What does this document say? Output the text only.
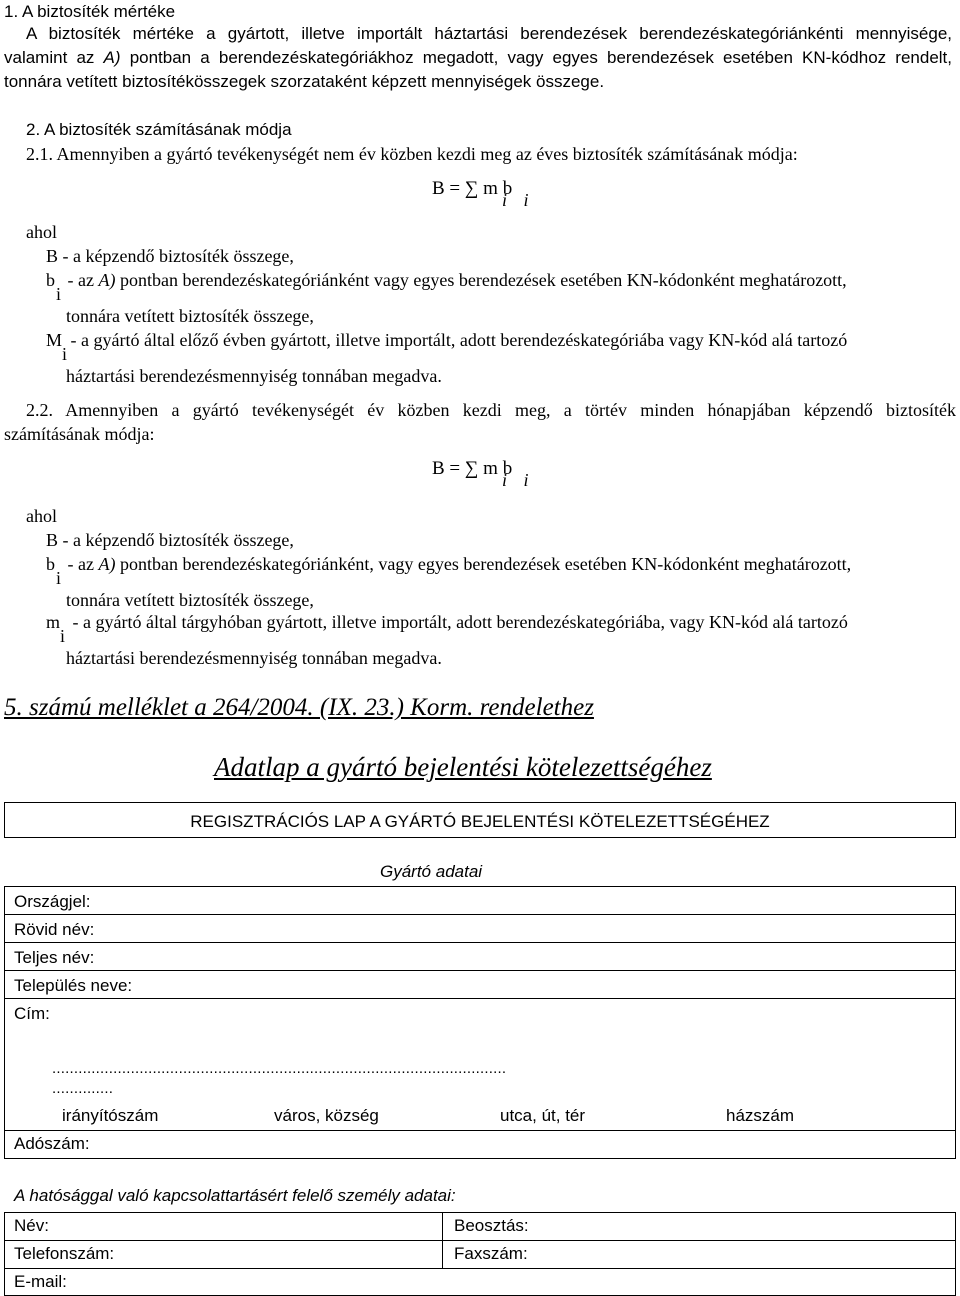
1. A biztosíték mértéke
A biztosíték mértéke a gyártott, illetve importált háztartási berendezések berendezéskategóriánkénti mennyisége,
valamint az A) pontban a berendezéskategóriákhoz megadott, vagy egyes berendezések esetében KN-kódhoz rendelt,
tonnára vetített biztosítékösszegek szorzataként képzett mennyiségek összege.
2. A biztosíték számításának módja
2.1. Amennyiben a gyártó tevékenységét nem év közben kezdi meg az éves biztosíték számításának módja:
B = ∑ m b
i i
ahol
B - a képzendő biztosíték összege,
b - az A) pontban berendezéskategóriánként vagy egyes berendezések esetében KN-kódonként meghatározott,
i
tonnára vetített biztosíték összege,
M - a gyártó által előző évben gyártott, illetve importált, adott berendezéskategóriába vagy KN-kód alá tartozó
i
háztartási berendezésmennyiség tonnában megadva.
2.2. Amennyiben a gyártó tevékenységét év közben kezdi meg, a törtév minden hónapjában képzendő biztosíték
számításának módja:
B = ∑ m b
i i
ahol
B - a képzendő biztosíték összege,
b - az A) pontban berendezéskategóriánként, vagy egyes berendezések esetében KN-kódonként meghatározott,
i
tonnára vetített biztosíték összege,
m - a gyártó által tárgyhóban gyártott, illetve importált, adott berendezéskategóriába, vagy KN-kód alá tartozó
i
háztartási berendezésmennyiség tonnában megadva.
5. számú melléklet a 264/2004. (IX. 23.) Korm. rendelethez
Adatlap a gyártó bejelentési kötelezettségéhez
REGISZTRÁCIÓS LAP A GYÁRTÓ BEJELENTÉSI KÖTELEZETTSÉGÉHEZ
Gyártó adatai
Országjel:
Rövid név:
Teljes név:
Település neve:
Cím:
........................................................................................................
..............
irányítószám	város, község	utca, út, tér	házszám
Adószám:
A hatósággal való kapcsolattartásért felelő személy adatai:
Név:	Beosztás:
Telefonszám:	Faxszám:
E-mail:
